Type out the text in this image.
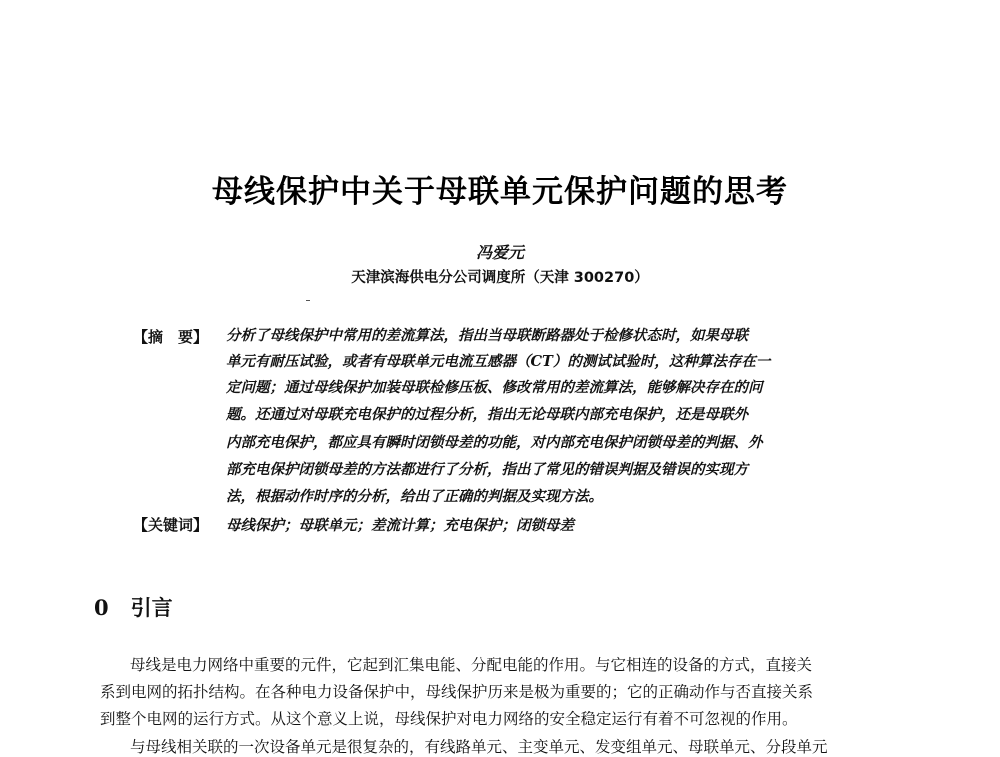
母线保护中关于母联单元保护问题的思考
冯爱元
天津滨海供电分公司调度所（天津 300270）
【摘　要】 分析了母线保护中常用的差流算法，指出当母联断路器处于检修状态时，如果母联
单元有耐压试验，或者有母联单元电流互感器（CT）的测试试验时，这种算法存在一
定问题；通过母线保护加装母联检修压板、修改常用的差流算法，能够解决存在的问
题。还通过对母联充电保护的过程分析，指出无论母联内部充电保护，还是母联外
内部充电保护，都应具有瞬时闭锁母差的功能，对内部充电保护闭锁母差的判据、外
部充电保护闭锁母差的方法都进行了分析，指出了常见的错误判据及错误的实现方
法，根据动作时序的分析，给出了正确的判据及实现方法。
【关键词】 母线保护；母联单元；差流计算；充电保护；闭锁母差
0 引言
母线是电力网络中重要的元件，它起到汇集电能、分配电能的作用。与它相连的设备的方式，直接关
系到电网的拓扑结构。在各种电力设备保护中，母线保护历来是极为重要的；它的正确动作与否直接关系
到整个电网的运行方式。从这个意义上说，母线保护对电力网络的安全稳定运行有着不可忽视的作用。
与母线相关联的一次设备单元是很复杂的，有线路单元、主变单元、发变组单元、母联单元、分段单元
